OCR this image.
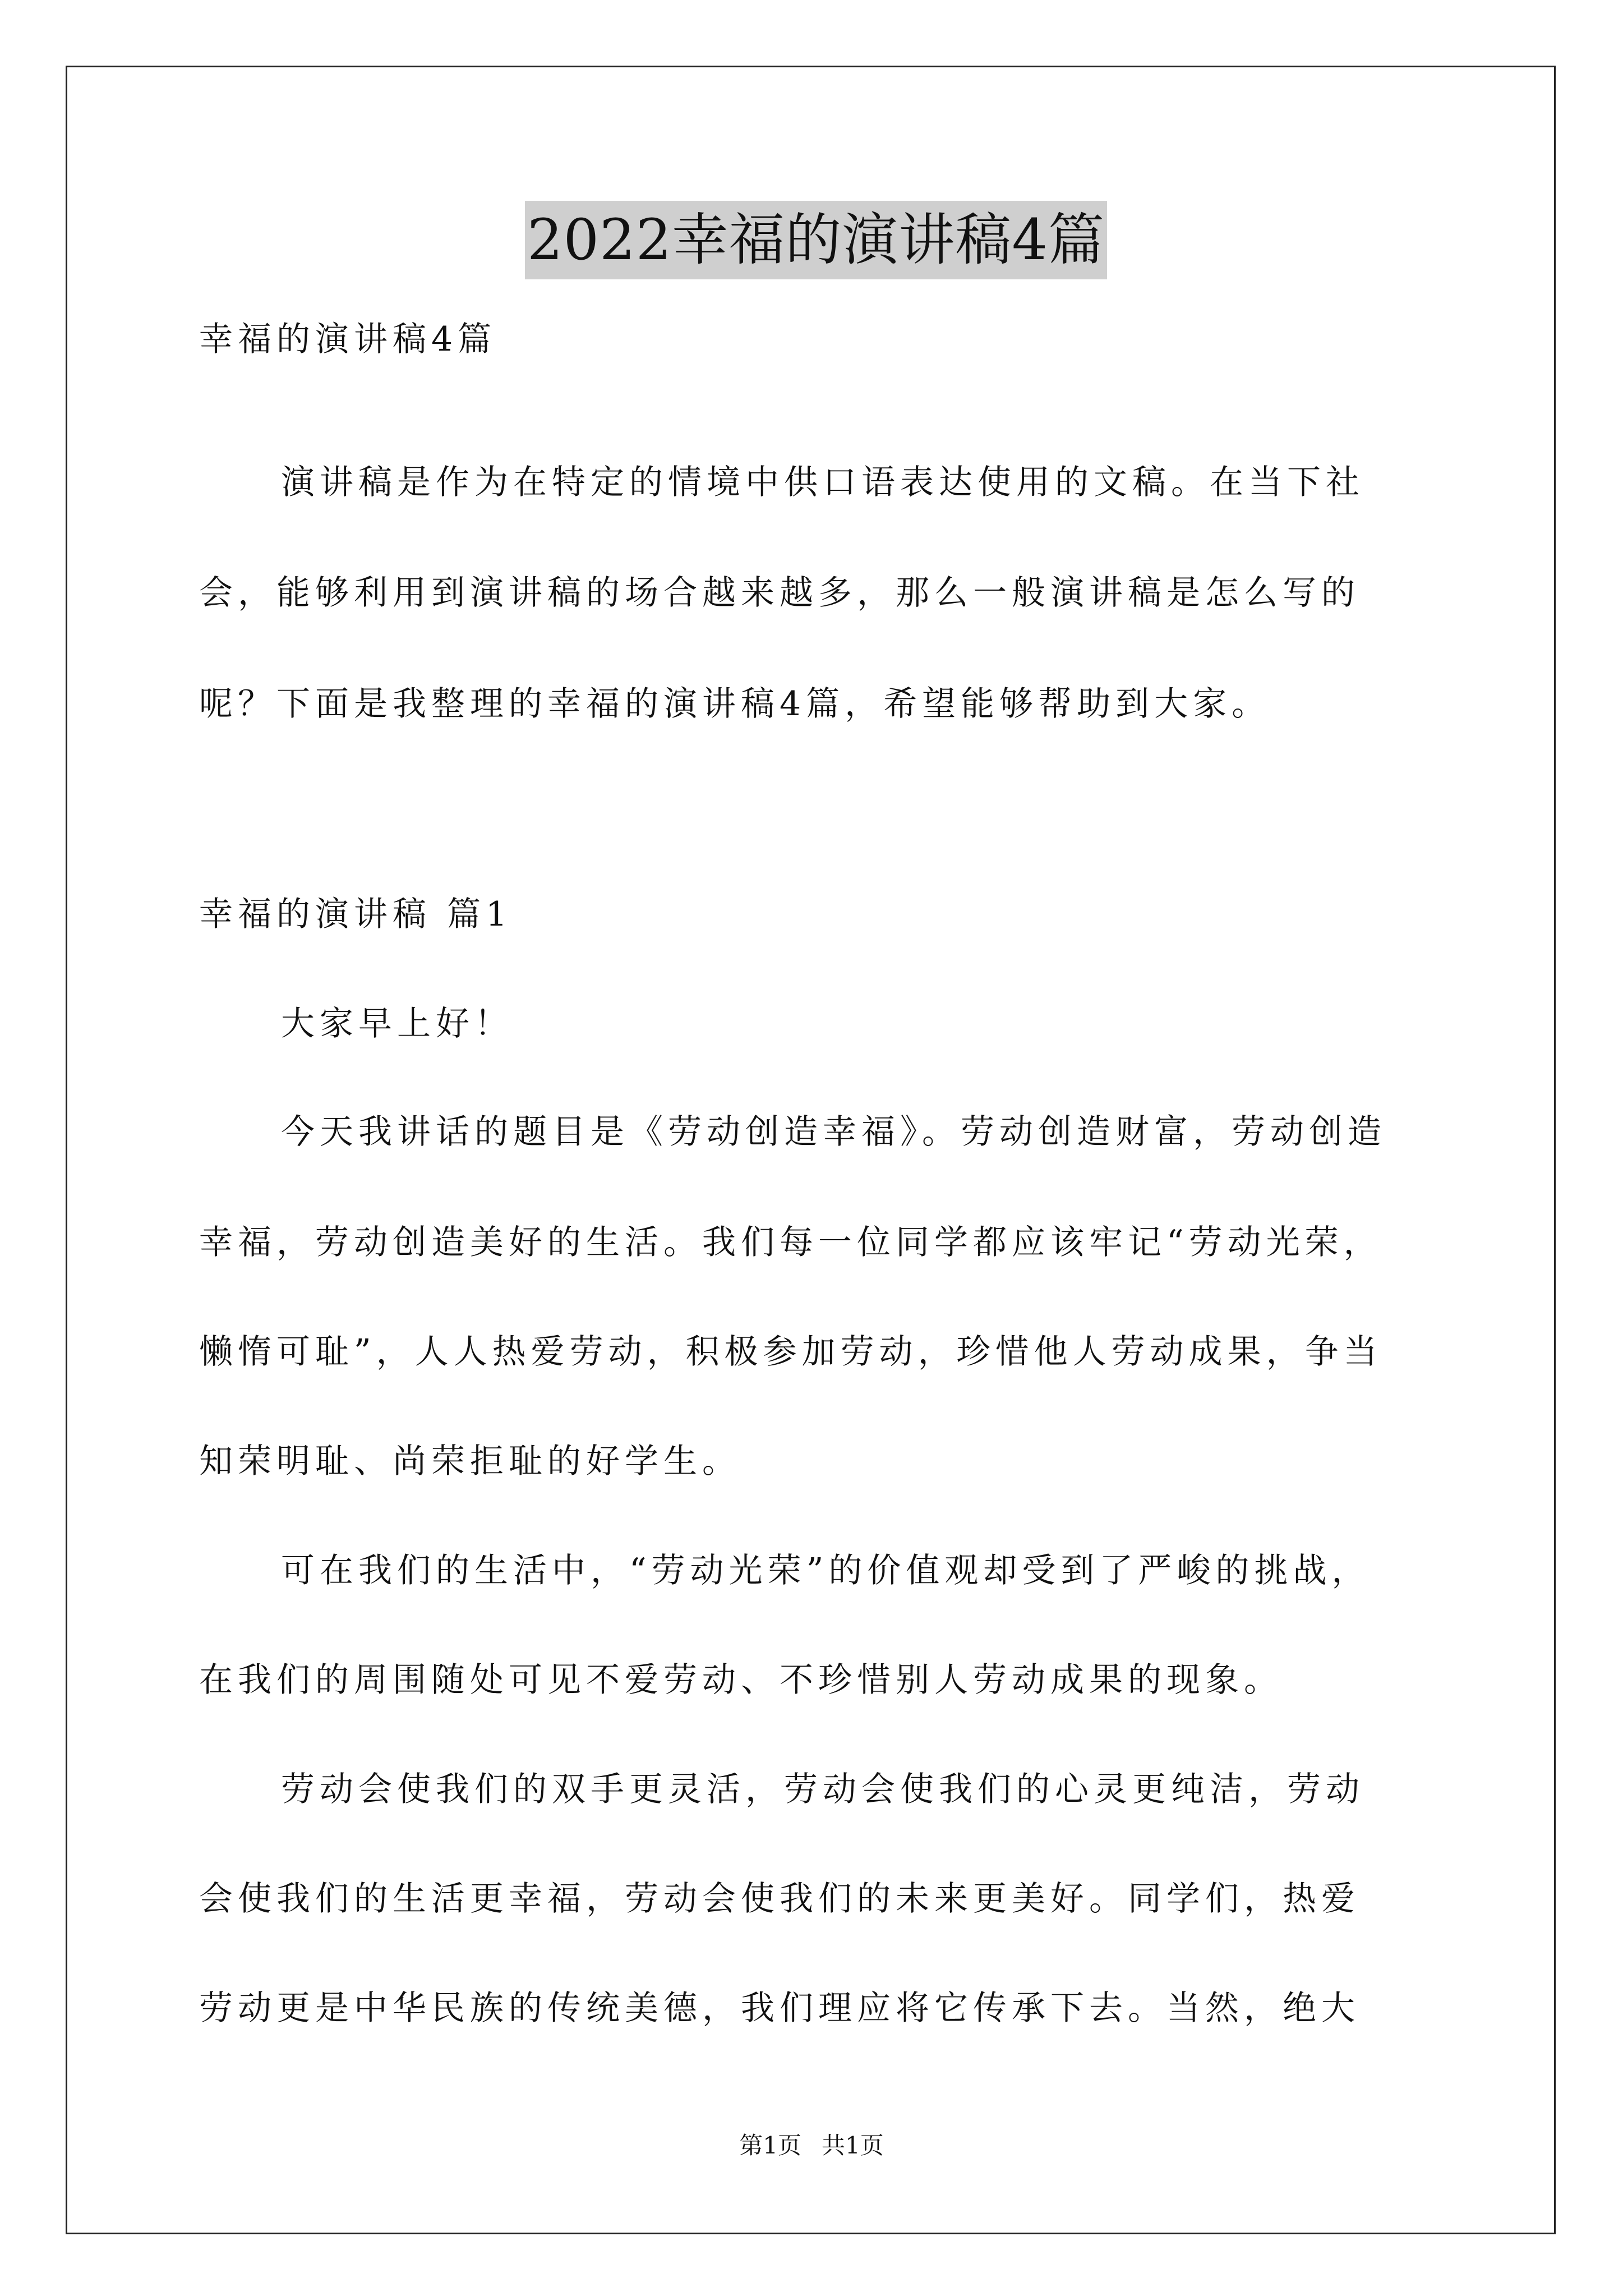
2022幸福的演讲稿4篇
幸福的演讲稿4篇
演讲稿是作为在特定的情境中供口语表达使用的文稿。在当下社
会，能够利用到演讲稿的场合越来越多，那么一般演讲稿是怎么写的
呢？下面是我整理的幸福的演讲稿4篇，希望能够帮助到大家。
幸福的演讲稿 篇1
大家早上好！
今天我讲话的题目是《劳动创造幸福》。劳动创造财富，劳动创造
幸福，劳动创造美好的生活。我们每一位同学都应该牢记“劳动光荣，
懒惰可耻”，人人热爱劳动，积极参加劳动，珍惜他人劳动成果，争当
知荣明耻、尚荣拒耻的好学生。
可在我们的生活中，“劳动光荣”的价值观却受到了严峻的挑战，
在我们的周围随处可见不爱劳动、不珍惜别人劳动成果的现象。
劳动会使我们的双手更灵活，劳动会使我们的心灵更纯洁，劳动
会使我们的生活更幸福，劳动会使我们的未来更美好。同学们，热爱
劳动更是中华民族的传统美德，我们理应将它传承下去。当然，绝大
第1页 共1页
